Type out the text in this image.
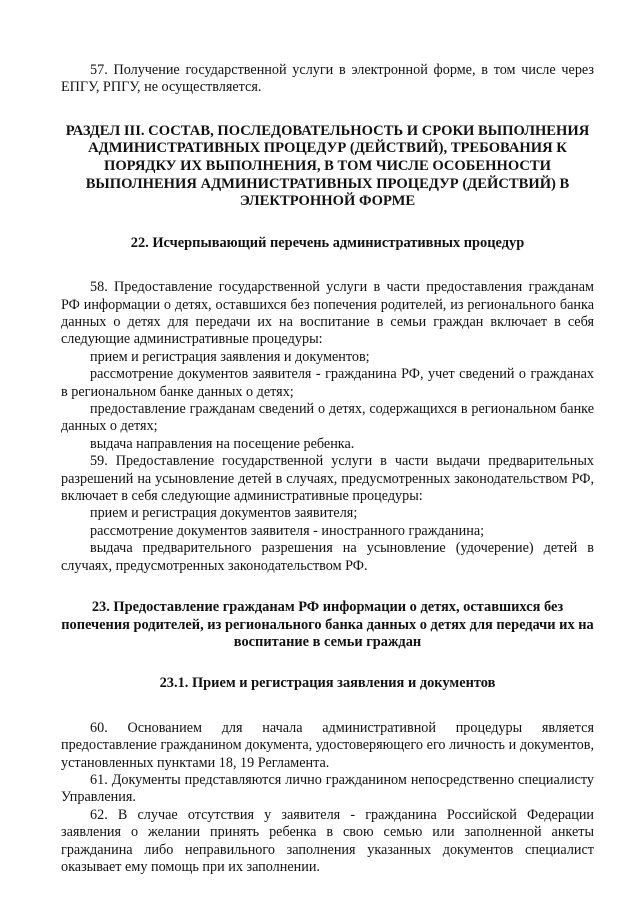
57. Получение государственной услуги в электронной форме, в том числе через ЕПГУ, РПГУ, не осуществляется.

РАЗДЕЛ III. СОСТАВ, ПОСЛЕДОВАТЕЛЬНОСТЬ И СРОКИ ВЫПОЛНЕНИЯ АДМИНИСТРАТИВНЫХ ПРОЦЕДУР (ДЕЙСТВИЙ), ТРЕБОВАНИЯ К ПОРЯДКУ ИХ ВЫПОЛНЕНИЯ, В ТОМ ЧИСЛЕ ОСОБЕННОСТИ ВЫПОЛНЕНИЯ АДМИНИСТРАТИВНЫХ ПРОЦЕДУР (ДЕЙСТВИЙ) В ЭЛЕКТРОННОЙ ФОРМЕ
22. Исчерпывающий перечень административных процедур

58. Предоставление государственной услуги в части предоставления гражданам РФ информации о детях, оставшихся без попечения родителей, из регионального банка данных о детях для передачи их на воспитание в семьи граждан включает в себя следующие административные процедуры:

прием и регистрация заявления и документов;

рассмотрение документов заявителя - гражданина РФ, учет сведений о гражданах в региональном банке данных о детях;

предоставление гражданам сведений о детях, содержащихся в региональном банке данных о детях;

выдача направления на посещение ребенка.

59. Предоставление государственной услуги в части выдачи предварительных разрешений на усыновление детей в случаях, предусмотренных законодательством РФ, включает в себя следующие административные процедуры:

прием и регистрация документов заявителя;

рассмотрение документов заявителя - иностранного гражданина;

выдача предварительного разрешения на усыновление (удочерение) детей в случаях, предусмотренных законодательством РФ.

23. Предоставление гражданам РФ информации о детях, оставшихся без попечения родителей, из регионального банка данных о детях для передачи их на воспитание в семьи граждан
23.1. Прием и регистрация заявления и документов

60. Основанием для начала административной процедуры является предоставление гражданином документа, удостоверяющего его личность и документов, установленных пунктами 18, 19 Регламента.

61. Документы представляются лично гражданином непосредственно специалисту Управления.

62. В случае отсутствия у заявителя - гражданина Российской Федерации заявления о желании принять ребенка в свою семью или заполненной анкеты гражданина либо неправильного заполнения указанных документов специалист оказывает ему помощь при их заполнении.
